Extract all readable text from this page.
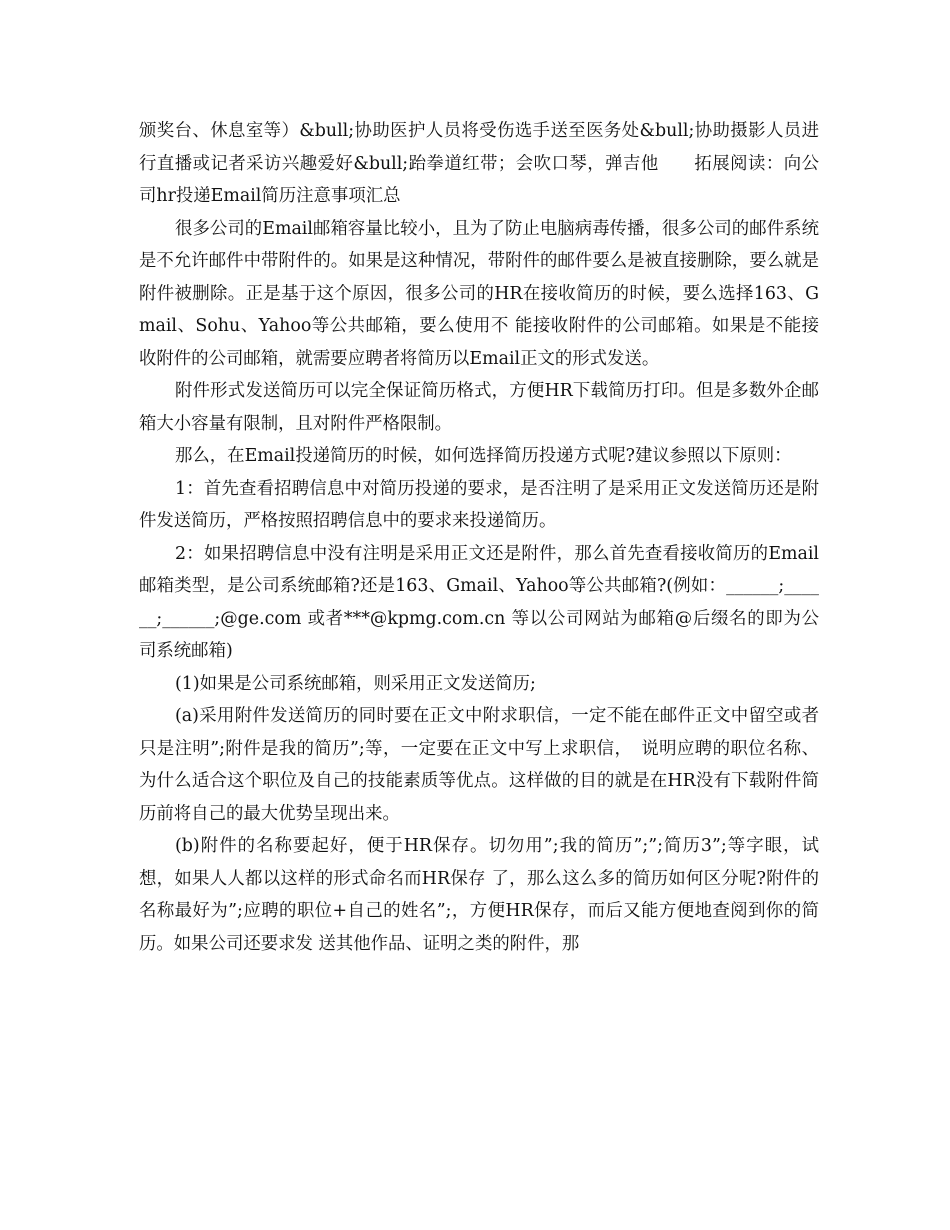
颁奖台、休息室等）&bull;协助医护人员将受伤选手送至医务处&bull;协助摄影人员进行直播或记者采访兴趣爱好&bull;跆拳道红带；会吹口琴，弹吉他　　拓展阅读：向公司hr投递Email简历注意事项汇总

很多公司的Email邮箱容量比较小，且为了防止电脑病毒传播，很多公司的邮件系统是不允许邮件中带附件的。如果是这种情况，带附件的邮件要么是被直接删除，要么就是附件被删除。正是基于这个原因，很多公司的HR在接收简历的时候，要么选择163、Gmail、Sohu、Yahoo等公共邮箱，要么使用不 能接收附件的公司邮箱。如果是不能接收附件的公司邮箱，就需要应聘者将简历以Email正文的形式发送。

附件形式发送简历可以完全保证简历格式，方便HR下载简历打印。但是多数外企邮箱大小容量有限制，且对附件严格限制。

那么，在Email投递简历的时候，如何选择简历投递方式呢?建议参照以下原则：

1：首先查看招聘信息中对简历投递的要求，是否注明了是采用正文发送简历还是附件发送简历，严格按照招聘信息中的要求来投递简历。

2：如果招聘信息中没有注明是采用正文还是附件，那么首先查看接收简历的Email邮箱类型，是公司系统邮箱?还是163、Gmail、Yahoo等公共邮箱?(例如：______;______;______;@ge.com 或者***@kpmg.com.cn 等以公司网站为邮箱@后缀名的即为公司系统邮箱)

(1)如果是公司系统邮箱，则采用正文发送简历;

(a)采用附件发送简历的同时要在正文中附求职信，一定不能在邮件正文中留空或者只是注明”;附件是我的简历”;等，一定要在正文中写上求职信，　说明应聘的职位名称、为什么适合这个职位及自己的技能素质等优点。这样做的目的就是在HR没有下载附件简历前将自己的最大优势呈现出来。

(b)附件的名称要起好，便于HR保存。切勿用”;我的简历”;”;简历3”;等字眼，试想，如果人人都以这样的形式命名而HR保存 了，那么这么多的简历如何区分呢?附件的名称最好为”;应聘的职位+自己的姓名”;，方便HR保存，而后又能方便地查阅到你的简历。如果公司还要求发 送其他作品、证明之类的附件，那
